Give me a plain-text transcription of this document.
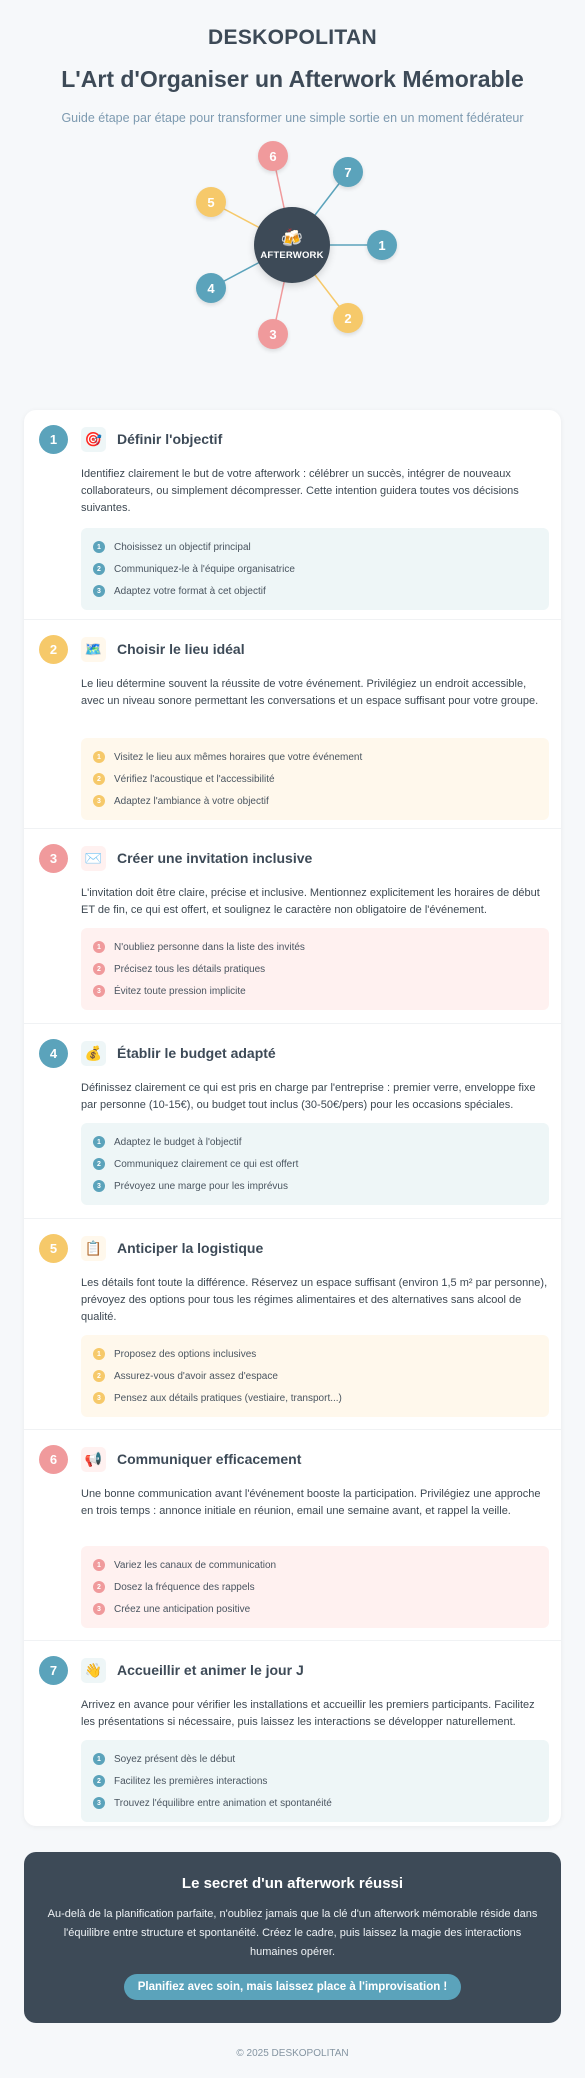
DESKOPOLITAN
L'Art d'Organiser un Afterwork Mémorable
Guide étape par étape pour transformer une simple sortie en un moment fédérateur
1
2
3
4
5
6
7
🍻
AFTERWORK
1	🎯 Définir l'objectif
Identifiez clairement le but de votre afterwork : célébrer un succès, intégrer de nouveaux collaborateurs, ou simplement décompresser. Cette intention guidera toutes vos décisions suivantes.
1	Choisissez un objectif principal
2	Communiquez-le à l'équipe organisatrice
3	Adaptez votre format à cet objectif
2	🗺️ Choisir le lieu idéal
Le lieu détermine souvent la réussite de votre événement. Privilégiez un endroit accessible, avec un niveau sonore permettant les conversations et un espace suffisant pour votre groupe.
1	Visitez le lieu aux mêmes horaires que votre événement
2	Vérifiez l'acoustique et l'accessibilité
3	Adaptez l'ambiance à votre objectif
3	✉️ Créer une invitation inclusive
L'invitation doit être claire, précise et inclusive. Mentionnez explicitement les horaires de début ET de fin, ce qui est offert, et soulignez le caractère non obligatoire de l'événement.
1	N'oubliez personne dans la liste des invités
2	Précisez tous les détails pratiques
3	Évitez toute pression implicite
4	💰 Établir le budget adapté
Définissez clairement ce qui est pris en charge par l'entreprise : premier verre, enveloppe fixe par personne (10-15€), ou budget tout inclus (30-50€/pers) pour les occasions spéciales.
1	Adaptez le budget à l'objectif
2	Communiquez clairement ce qui est offert
3	Prévoyez une marge pour les imprévus
5	📋 Anticiper la logistique
Les détails font toute la différence. Réservez un espace suffisant (environ 1,5 m² par personne), prévoyez des options pour tous les régimes alimentaires et des alternatives sans alcool de qualité.
1	Proposez des options inclusives
2	Assurez-vous d'avoir assez d'espace
3	Pensez aux détails pratiques (vestiaire, transport...)
6	📢 Communiquer efficacement
Une bonne communication avant l'événement booste la participation. Privilégiez une approche en trois temps : annonce initiale en réunion, email une semaine avant, et rappel la veille.
1	Variez les canaux de communication
2	Dosez la fréquence des rappels
3	Créez une anticipation positive
7	👋 Accueillir et animer le jour J
Arrivez en avance pour vérifier les installations et accueillir les premiers participants. Facilitez les présentations si nécessaire, puis laissez les interactions se développer naturellement.
1	Soyez présent dès le début
2	Facilitez les premières interactions
3	Trouvez l'équilibre entre animation et spontanéité
Le secret d'un afterwork réussi
Au-delà de la planification parfaite, n'oubliez jamais que la clé d'un afterwork mémorable réside dans l'équilibre entre structure et spontanéité. Créez le cadre, puis laissez la magie des interactions humaines opérer.
Planifiez avec soin, mais laissez place à l'improvisation !
© 2025 DESKOPOLITAN
